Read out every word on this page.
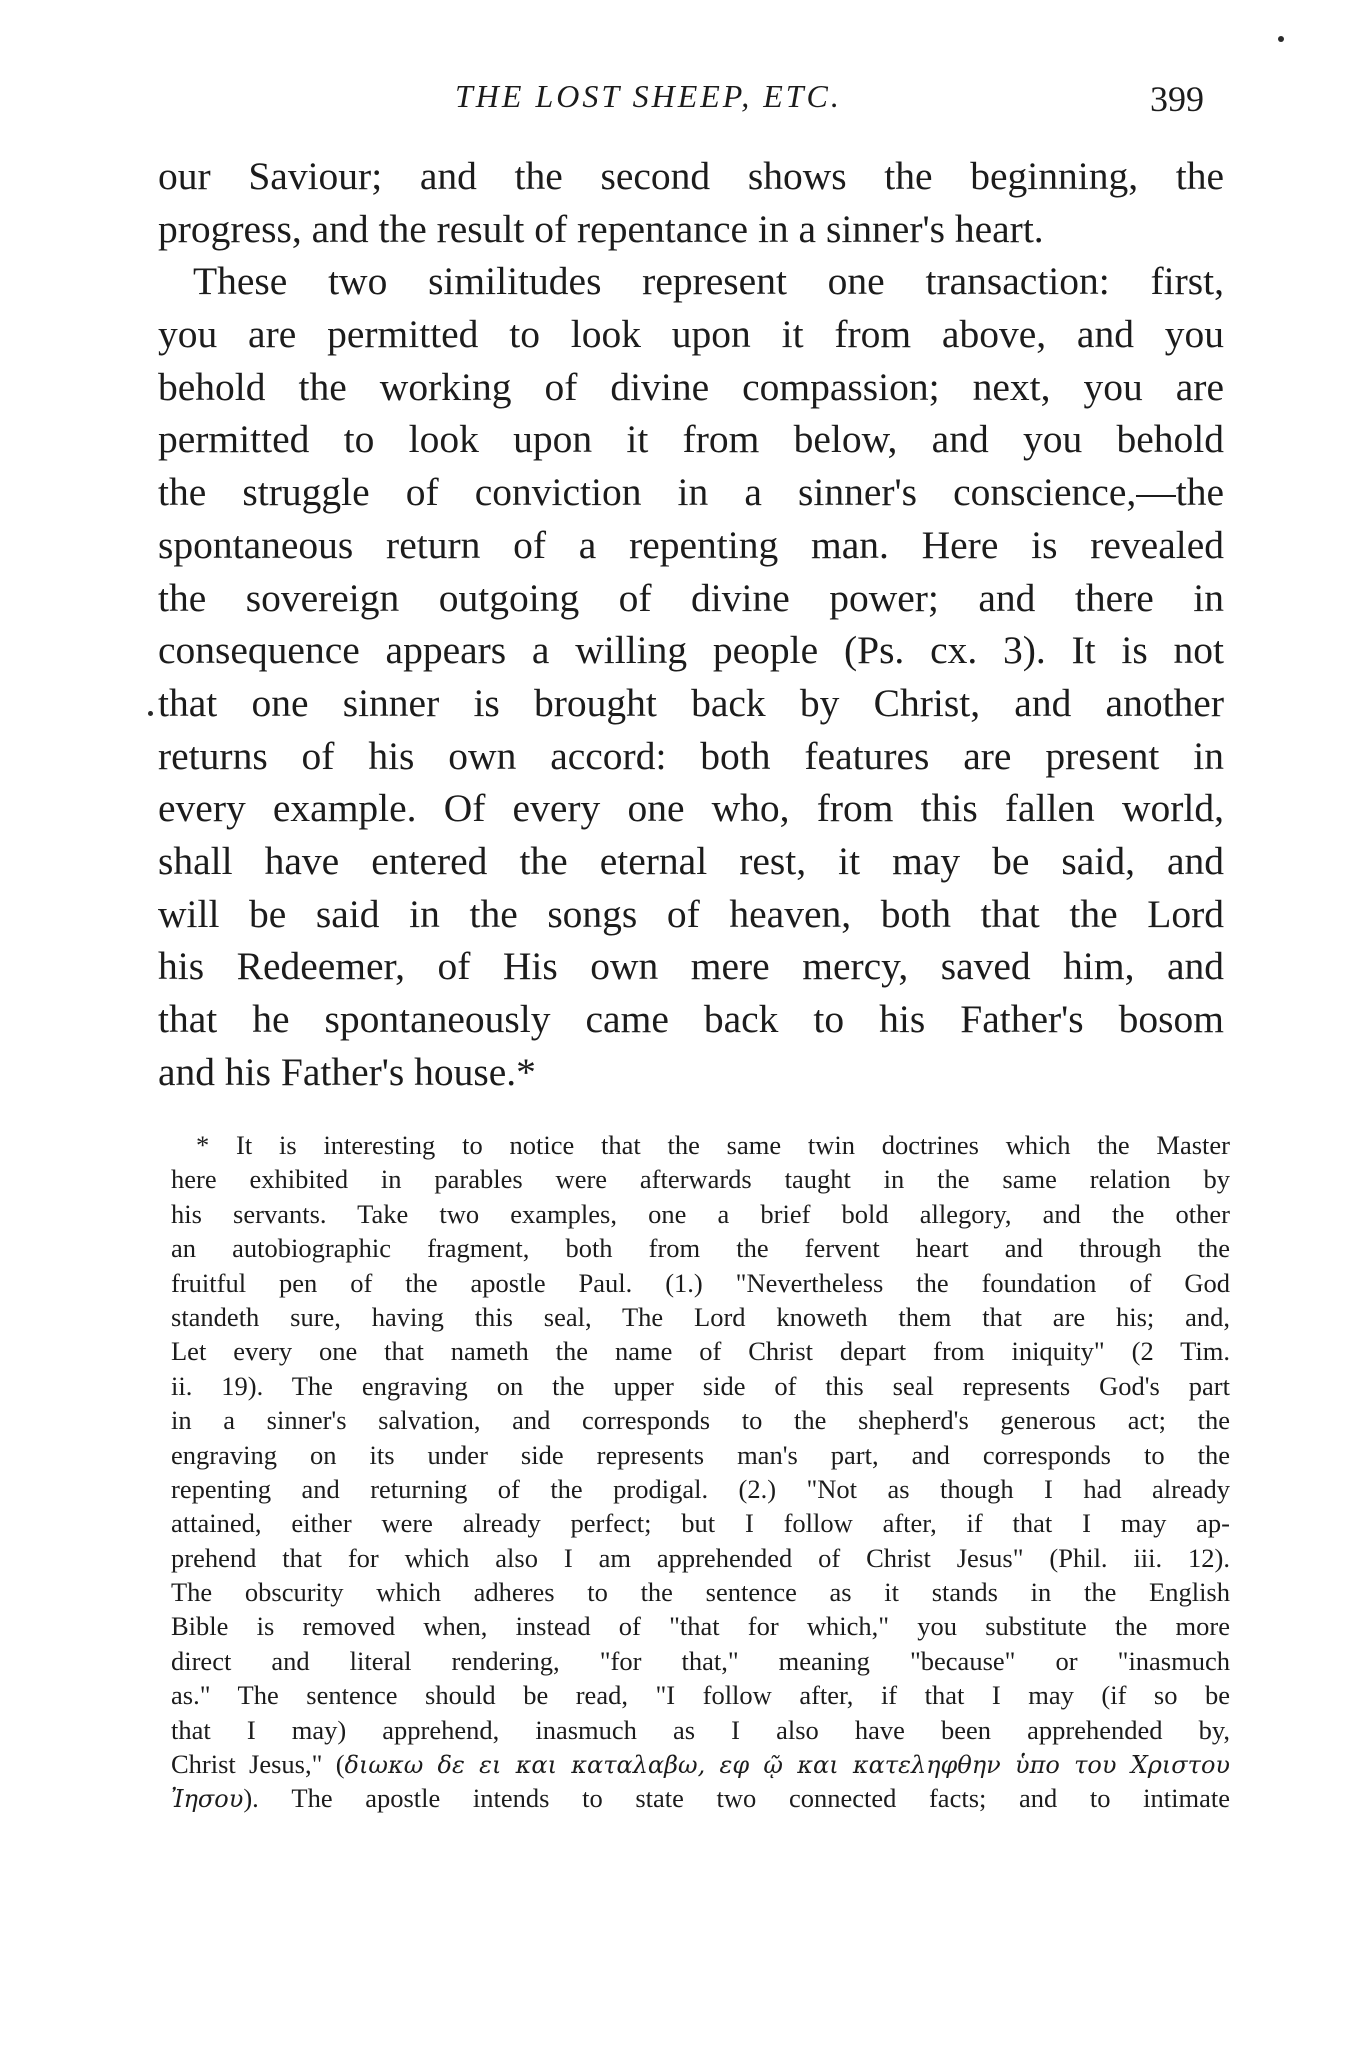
THE LOST SHEEP, ETC.	399
our Saviour; and the second shows the beginning, the
progress, and the result of repentance in a sinner's heart.
These two similitudes represent one transaction: first,
you are permitted to look upon it from above, and you
behold the working of divine compassion; next, you are
permitted to look upon it from below, and you behold
the struggle of conviction in a sinner's conscience,—the
spontaneous return of a repenting man. Here is revealed
the sovereign outgoing of divine power; and there in
consequence appears a willing people (Ps. cx. 3). It is not
that one sinner is brought back by Christ, and another
returns of his own accord: both features are present in
every example. Of every one who, from this fallen world,
shall have entered the eternal rest, it may be said, and
will be said in the songs of heaven, both that the Lord
his Redeemer, of His own mere mercy, saved him, and
that he spontaneously came back to his Father's bosom
and his Father's house.*
* It is interesting to notice that the same twin doctrines which the Master
here exhibited in parables were afterwards taught in the same relation by
his servants. Take two examples, one a brief bold allegory, and the other
an autobiographic fragment, both from the fervent heart and through the
fruitful pen of the apostle Paul. (1.) "Nevertheless the foundation of God
standeth sure, having this seal, The Lord knoweth them that are his; and,
Let every one that nameth the name of Christ depart from iniquity" (2 Tim.
ii. 19). The engraving on the upper side of this seal represents God's part
in a sinner's salvation, and corresponds to the shepherd's generous act; the
engraving on its under side represents man's part, and corresponds to the
repenting and returning of the prodigal. (2.) "Not as though I had already
attained, either were already perfect; but I follow after, if that I may ap-
prehend that for which also I am apprehended of Christ Jesus" (Phil. iii. 12).
The obscurity which adheres to the sentence as it stands in the English
Bible is removed when, instead of "that for which," you substitute the more
direct and literal rendering, "for that," meaning "because" or "inasmuch
as." The sentence should be read, "I follow after, if that I may (if so be
that I may) apprehend, inasmuch as I also have been apprehended by,
Christ Jesus," (διωκω δε ει και καταλαβω, εφ ῷ και κατεληφθην ὑπο του Χριστου
Ἰησου). The apostle intends to state two connected facts; and to intimate
